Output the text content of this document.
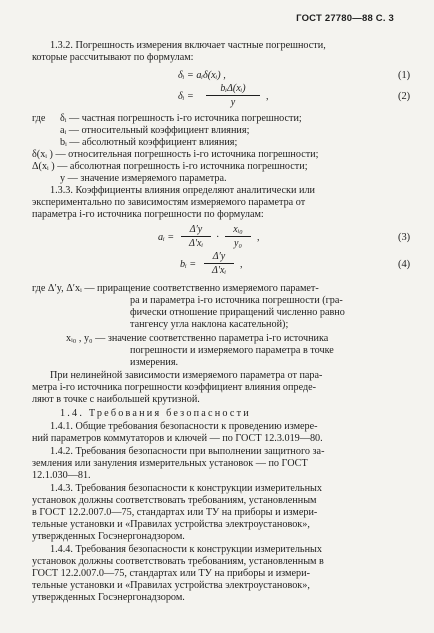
ГОСТ 27780—88 С. 3
1.3.2. Погрешность измерения включает частные погрешности,
которые рассчитывают по формулам:
δᵢ = aᵢδ(xᵢ) ,	(1)
δᵢ =
bᵢΔ(xᵢ)
y
,	(2)
где δᵢ — частная погрешность i-го источника погрешности;
aᵢ — относительный коэффициент влияния;
bᵢ — абсолютный коэффициент влияния;
δ(xᵢ ) — относительная погрешность i-го источника погрешности;
Δ(xᵢ ) — абсолютная погрешность i-го источника погрешности;
y — значение измеряемого параметра.
1.3.3. Коэффициенты влияния определяют аналитически или
экспериментально по зависимостям измеряемого параметра от
параметра i-го источника погрешности по формулам:
aᵢ =
Δ′y
Δ′xᵢ
·
xᵢ₀
y₀
,	(3)
bᵢ =
Δ′y
Δ′xᵢ
,	(4)
где Δ′y, Δ′xᵢ — приращение соответственно измеряемого парамет-
ра и параметра i-го источника погрешности (гра-
фически отношение приращений численно равно
тангенсу угла наклона касательной);
xᵢ₀ , y₀ — значение соответственно параметра i-го источника
погрешности и измеряемого параметра в точке
измерения.
При нелинейной зависимости измеряемого параметра от пара-
метра i-го источника погрешности коэффициент влияния опреде-
ляют в точке с наибольшей крутизной.
1.4. Требования безопасности
1.4.1. Общие требования безопасности к проведению измере-
ний параметров коммутаторов и ключей — по ГОСТ 12.3.019—80.
1.4.2. Требования безопасности при выполнении защитного за-
земления или зануления измерительных установок — по ГОСТ
12.1.030—81.
1.4.3. Требования безопасности к конструкции измерительных
установок должны соответствовать требованиям, установленным
в ГОСТ 12.2.007.0—75, стандартах или ТУ на приборы и измери-
тельные установки и «Правилах устройства электроустановок»,
утвержденных Госэнергонадзором.
1.4.4. Требования безопасности к конструкции измерительных
установок должны соответствовать требованиям, установленным в
ГОСТ 12.2.007.0—75, стандартах или ТУ на приборы и измери-
тельные установки и «Правилах устройства электроустановок»,
утвержденных Госэнергонадзором.
